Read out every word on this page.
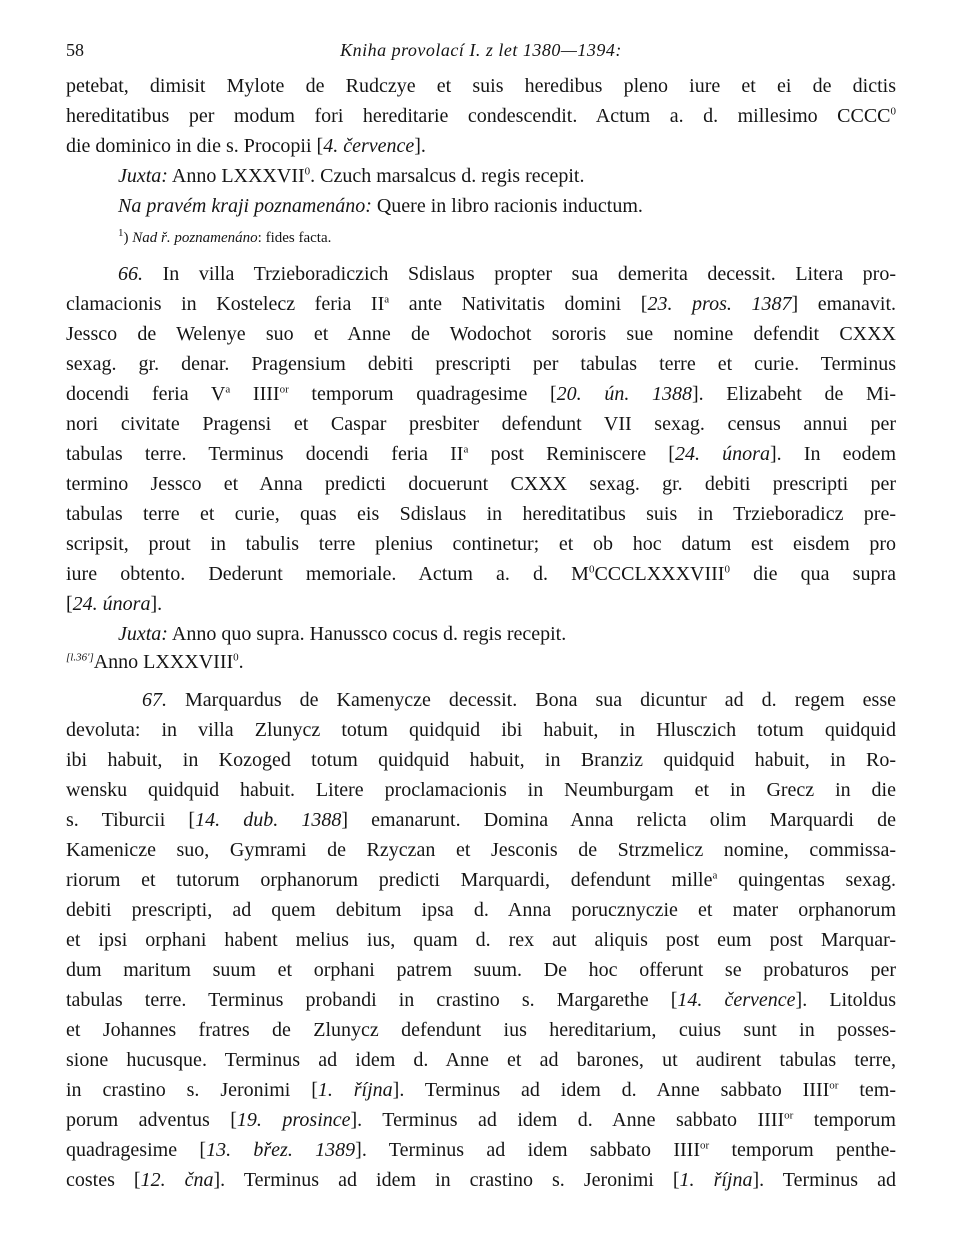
58	Kniha provolací I. z let 1380—1394:
petebat, dimisit Mylote de Rudczye et suis heredibus pleno iure et ei de dictis
hereditatibus per modum fori hereditarie condescendit. Actum a. d. millesimo CCCC$^0$
die dominico in die s. Procopii [4. července].
Juxta: Anno LXXXVII$^0$. Czuch marsalcus d. regis recepit.
Na pravém kraji poznamenáno: Quere in libro racionis inductum.
$^1$) Nad ř. poznamenáno: fides facta.
66. In villa Trzieboradiczich Sdislaus propter sua demerita decessit. Litera pro-
clamacionis in Kostelecz feria $II^a$ ante Nativitatis domini [23. pros. 1387] emanavit.
Jessco de Welenye suo et Anne de Wodochot sororis sue nomine defendit CXXX
sexag. gr. denar. Pragensium debiti prescripti per tabulas terre et curie. Terminus
docendi feria $V^a$ $IIII^{or}$ temporum quadragesime [20. ún. 1388]. Elizabeht de Mi-
nori civitate Pragensi et Caspar presbiter defendunt VII sexag. census annui per
tabulas terre. Terminus docendi feria $II^a$ post Reminiscere [24. února]. In eodem
termino Jessco et Anna predicti docuerunt CXXX sexag. gr. debiti prescripti per
tabulas terre et curie, quas eis Sdislaus in hereditatibus suis in Trzieboradicz pre-
scripsit, prout in tabulis terre plenius continetur; et ob hoc datum est eisdem pro
iure obtento. Dederunt memoriale. Actum a. d. $M^0CCCLXXXVIII^0$ die qua supra
[24. února].
Juxta: Anno quo supra. Hanussco cocus d. regis recepit.
[l.36']Anno LXXXVIII$^0$.
67. Marquardus de Kamenycze decessit. Bona sua dicuntur ad d. regem esse
devoluta: in villa Zlunycz totum quidquid ibi habuit, in Hlusczich totum quidquid
ibi habuit, in Kozoged totum quidquid habuit, in Branziz quidquid habuit, in Ro-
wensku quidquid habuit. Litere proclamacionis in Neumburgam et in Grecz in die
s. Tiburcii [14. dub. 1388] emanarunt. Domina Anna relicta olim Marquardi de
Kamenicze suo, Gymrami de Rzyczan et Jesconis de Strzmelicz nomine, commissa-
riorum et tutorum orphanorum predicti Marquardi, defendunt mille$^a$ quingentas sexag.
debiti prescripti, ad quem debitum ipsa d. Anna porucznyczie et mater orphanorum
et ipsi orphani habent melius ius, quam d. rex aut aliquis post eum post Marquar-
dum maritum suum et orphani patrem suum. De hoc offerunt se probaturos per
tabulas terre. Terminus probandi in crastino s. Margarethe [14. července]. Litoldus
et Johannes fratres de Zlunycz defendunt ius hereditarium, cuius sunt in posses-
sione hucusque. Terminus ad idem d. Anne et ad barones, ut audirent tabulas terre,
in crastino s. Jeronimi [1. října]. Terminus ad idem d. Anne sabbato $IIII^{or}$ tem-
porum adventus [19. prosince]. Terminus ad idem d. Anne sabbato $IIII^{or}$ temporum
quadragesime [13. břez. 1389]. Terminus ad idem sabbato $IIII^{or}$ temporum penthe-
costes [12. čna]. Terminus ad idem in crastino s. Jeronimi [1. října]. Terminus ad
